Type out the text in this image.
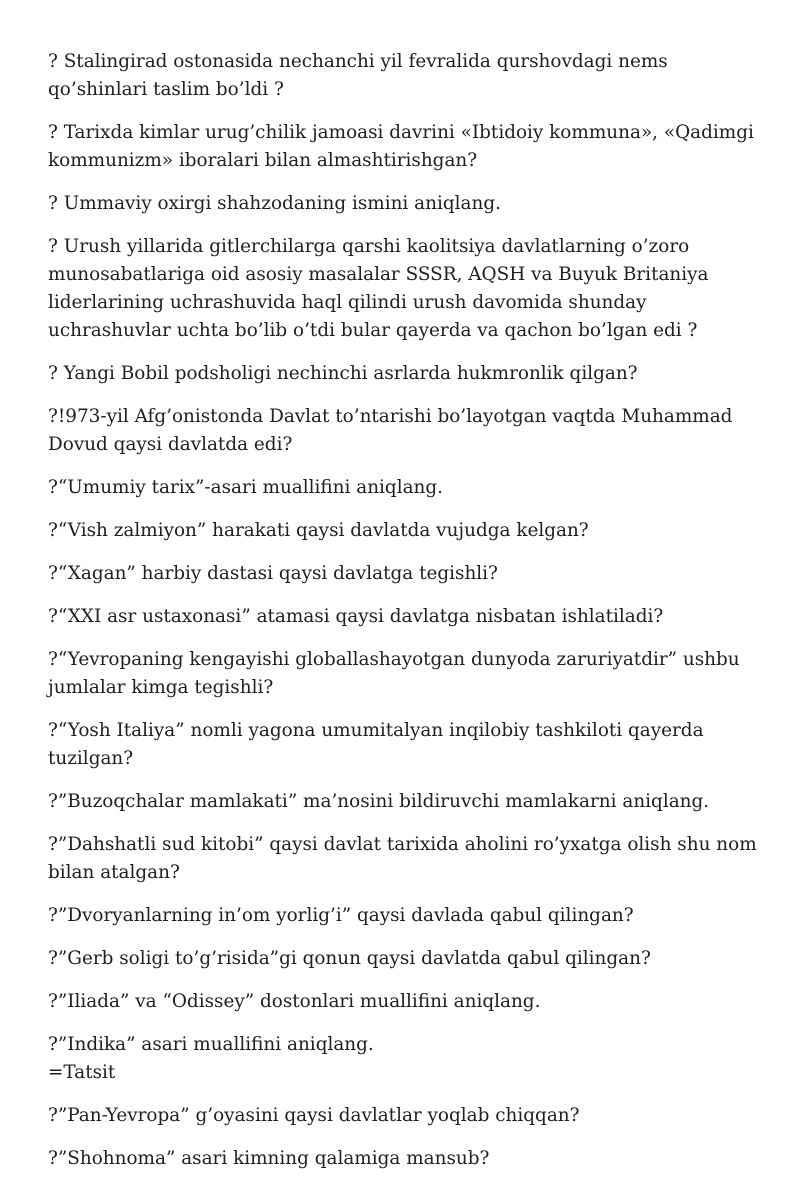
? Stalingirad ostonasida nechanchi yil fevralida qurshovdagi nems qo’shinlari taslim bo’ldi ?

? Tarixda kimlar urug’chilik jamoasi davrini «Ibtidoiy kommuna», «Qadimgi kommunizm» iboralari bilan almashtirishgan?

? Ummaviy oxirgi shahzodaning ismini aniqlang.

? Urush yillarida gitlerchilarga qarshi kaolitsiya davlatlarning o’zoro munosabatlariga oid asosiy masalalar SSSR, AQSH va Buyuk Britaniya liderlarining uchrashuvida haql qilindi urush davomida shunday uchrashuvlar uchta bo’lib o’tdi bular qayerda va qachon bo’lgan edi ?

? Yangi Bobil podsholigi nechinchi asrlarda hukmronlik qilgan?

?!973-yil Afg’onistonda Davlat to’ntarishi bo’layotgan vaqtda Muhammad Dovud qaysi davlatda edi?

?“Umumiy tarix”-asari muallifini aniqlang.

?“Vish zalmiyon” harakati qaysi davlatda vujudga kelgan?

?“Xagan” harbiy dastasi qaysi davlatga tegishli?

?“XXI asr ustaxonasi” atamasi qaysi davlatga nisbatan ishlatiladi?

?“Yevropaning kengayishi globallashayotgan dunyoda zaruriyatdir” ushbu jumlalar kimga tegishli?

?“Yosh Italiya” nomli yagona umumitalyan inqilobiy tashkiloti qayerda tuzilgan?

?”Buzoqchalar mamlakati” ma’nosini bildiruvchi mamlakarni aniqlang.

?”Dahshatli sud kitobi” qaysi davlat tarixida aholini ro’yxatga olish shu nom bilan atalgan?

?”Dvoryanlarning in’om yorlig’i” qaysi davlada qabul qilingan?

?”Gerb soligi to’g’risida”gi qonun qaysi davlatda qabul qilingan?

?”Iliada” va “Odissey” dostonlari muallifini aniqlang.

?”Indika” asari muallifini aniqlang.
=Tatsit

?”Pan-Yevropa” g’oyasini qaysi davlatlar yoqlab chiqqan?

?”Shohnoma” asari kimning qalamiga mansub?
